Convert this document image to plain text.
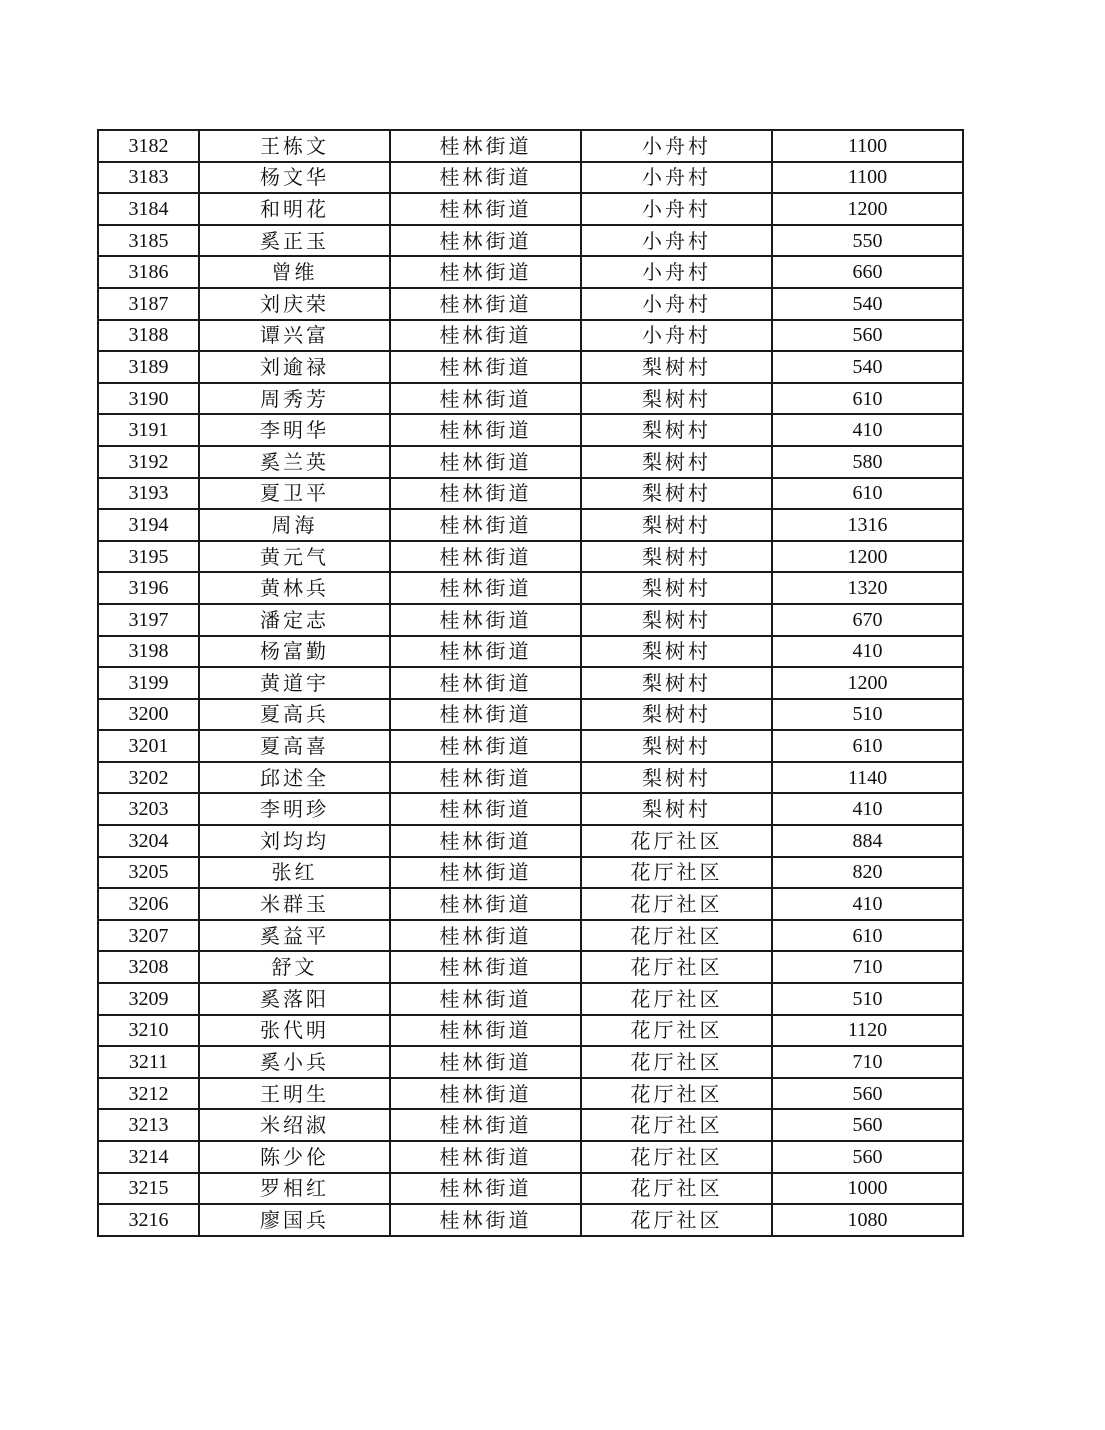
3182	王栋文	桂林街道	小舟村	1100
3183	杨文华	桂林街道	小舟村	1100
3184	和明花	桂林街道	小舟村	1200
3185	奚正玉	桂林街道	小舟村	550
3186	曾维	桂林街道	小舟村	660
3187	刘庆荣	桂林街道	小舟村	540
3188	谭兴富	桂林街道	小舟村	560
3189	刘逾禄	桂林街道	梨树村	540
3190	周秀芳	桂林街道	梨树村	610
3191	李明华	桂林街道	梨树村	410
3192	奚兰英	桂林街道	梨树村	580
3193	夏卫平	桂林街道	梨树村	610
3194	周海	桂林街道	梨树村	1316
3195	黄元气	桂林街道	梨树村	1200
3196	黄林兵	桂林街道	梨树村	1320
3197	潘定志	桂林街道	梨树村	670
3198	杨富勤	桂林街道	梨树村	410
3199	黄道宇	桂林街道	梨树村	1200
3200	夏高兵	桂林街道	梨树村	510
3201	夏高喜	桂林街道	梨树村	610
3202	邱述全	桂林街道	梨树村	1140
3203	李明珍	桂林街道	梨树村	410
3204	刘均均	桂林街道	花厅社区	884
3205	张红	桂林街道	花厅社区	820
3206	米群玉	桂林街道	花厅社区	410
3207	奚益平	桂林街道	花厅社区	610
3208	舒文	桂林街道	花厅社区	710
3209	奚落阳	桂林街道	花厅社区	510
3210	张代明	桂林街道	花厅社区	1120
3211	奚小兵	桂林街道	花厅社区	710
3212	王明生	桂林街道	花厅社区	560
3213	米绍淑	桂林街道	花厅社区	560
3214	陈少伦	桂林街道	花厅社区	560
3215	罗相红	桂林街道	花厅社区	1000
3216	廖国兵	桂林街道	花厅社区	1080
